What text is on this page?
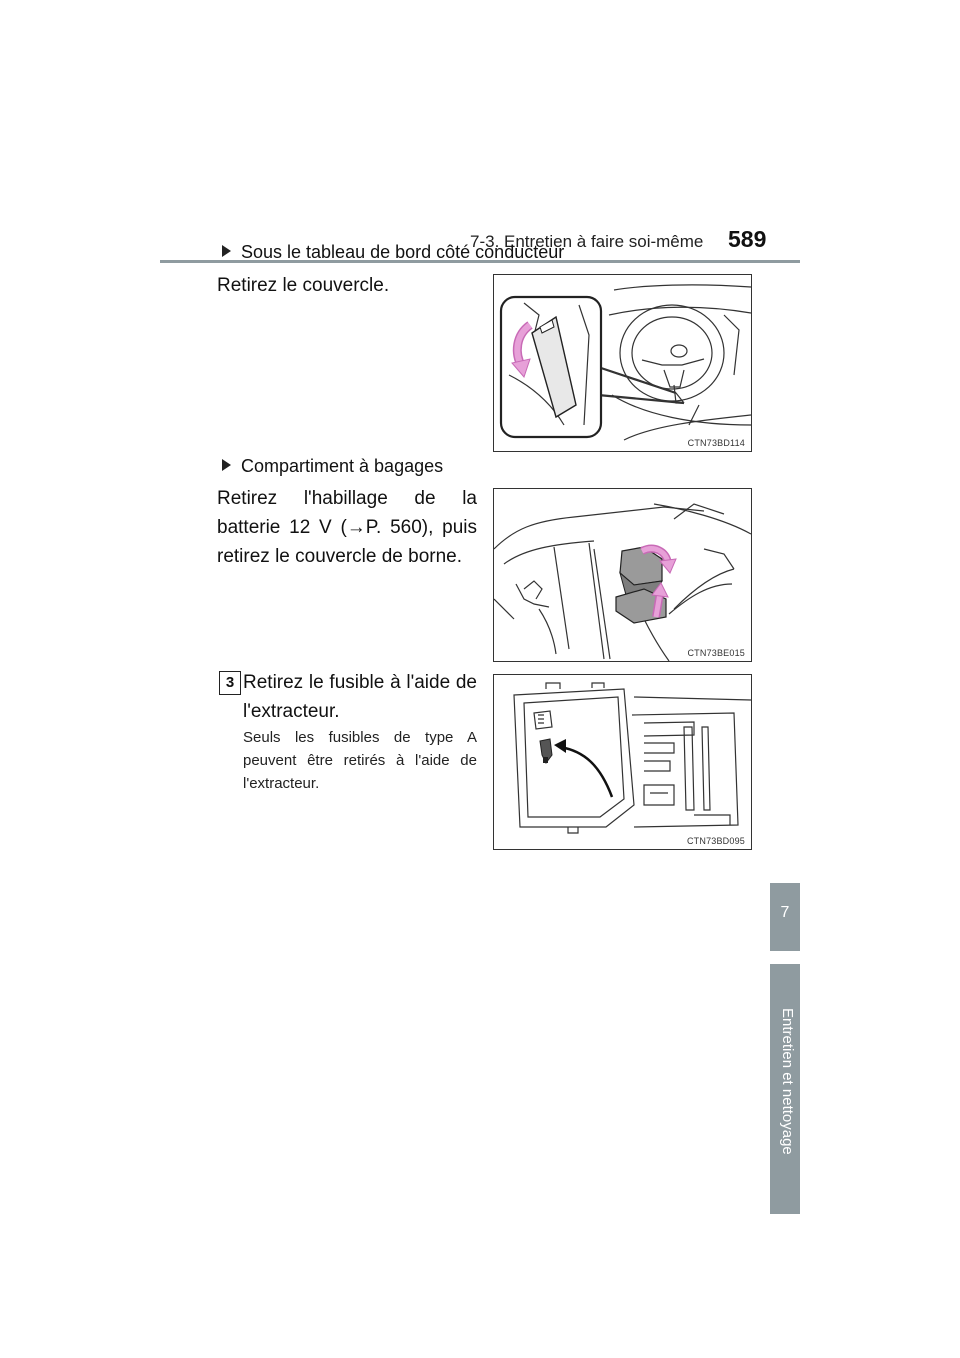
7-3. Entretien à faire soi-même 589
7
Entretien et nettoyage
Sous le tableau de bord côté conducteur
Retirez le couvercle.
CTN73BD114
Compartiment à bagages
Retirez l'habillage de la batterie 12 V (→P. 560), puis retirez le couvercle de borne.
CTN73BE015
3 Retirez le fusible à l'aide de l'extracteur.
Seuls les fusibles de type A peuvent être retirés à l'aide de l'extracteur.
CTN73BD095
